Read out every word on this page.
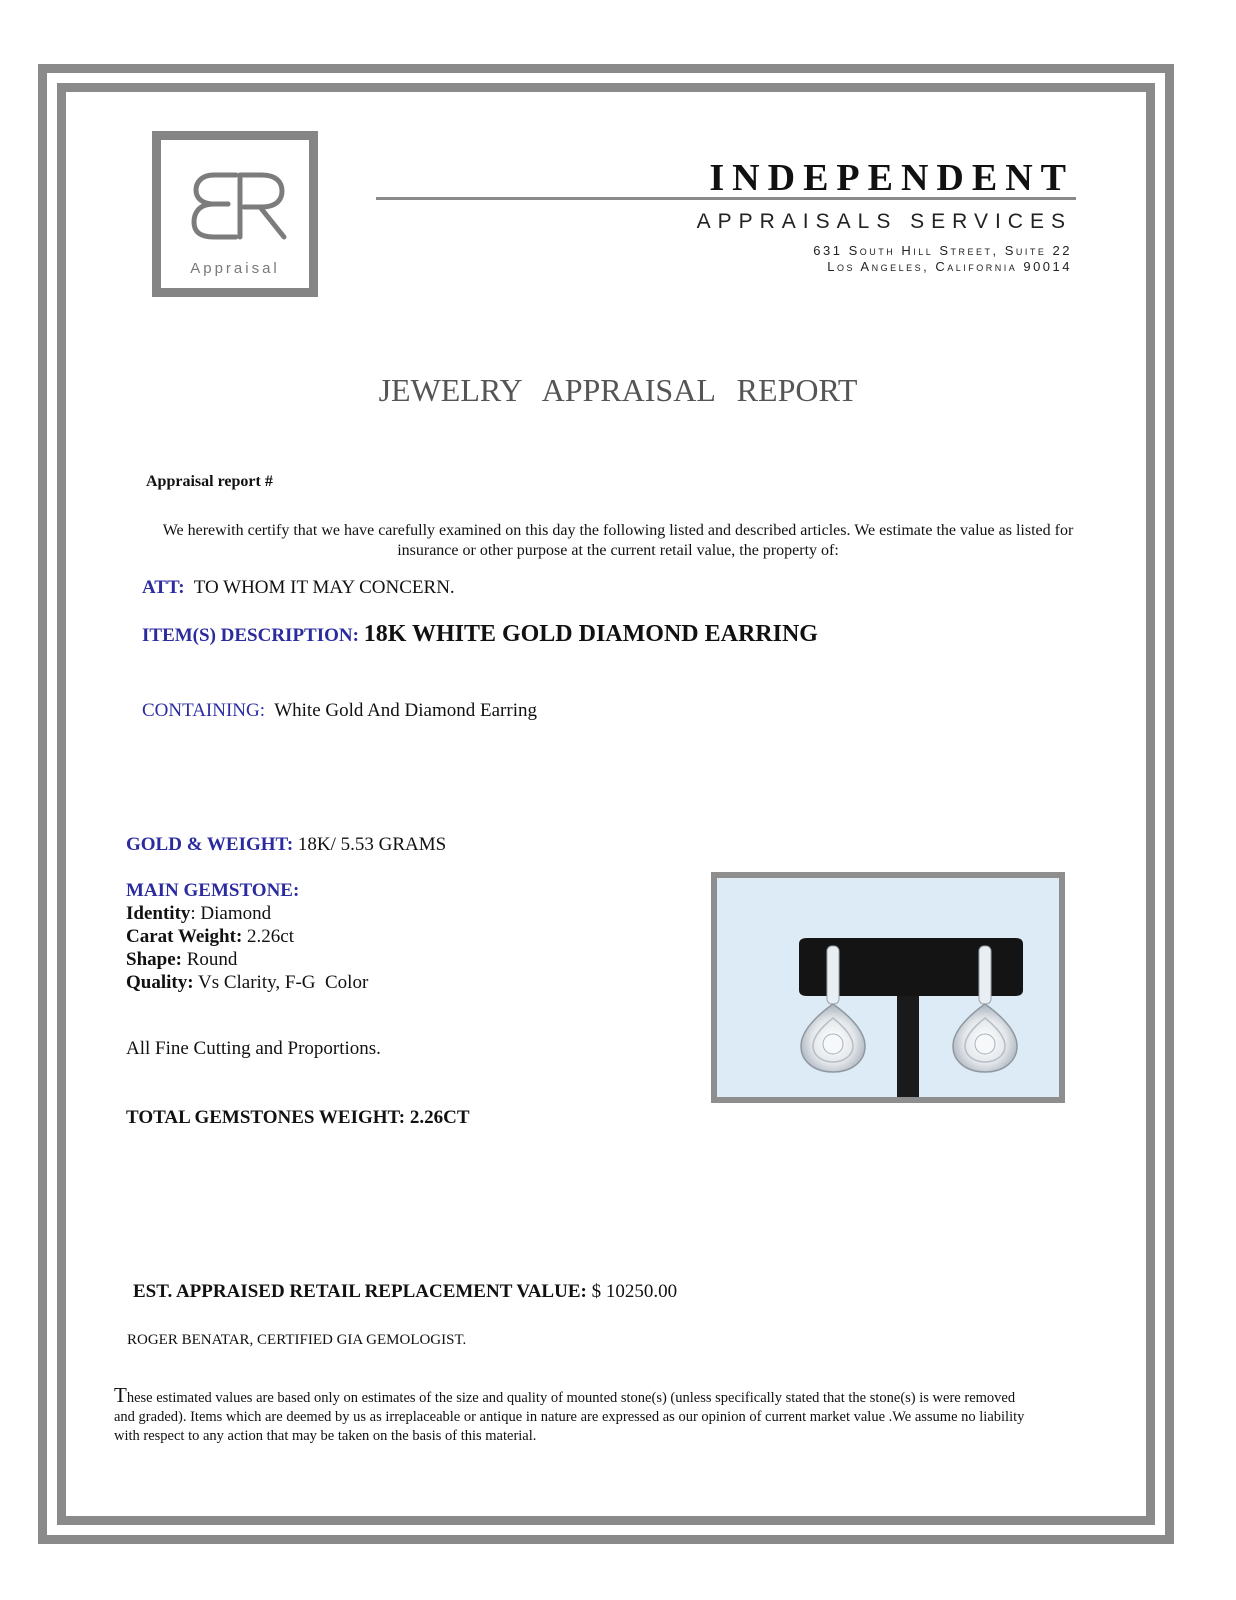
Appraisal
INDEPENDENT
APPRAISALS SERVICES
631 South Hill Street, Suite 22
Los Angeles, California 90014
JEWELRY APPRAISAL REPORT
Appraisal report #
We herewith certify that we have carefully examined on this day the following listed and described articles. We estimate the value as listed for insurance or other purpose at the current retail value, the property of:
ATT: TO WHOM IT MAY CONCERN.
ITEM(S) DESCRIPTION: 18K WHITE GOLD DIAMOND EARRING
CONTAINING: White Gold And Diamond Earring
GOLD & WEIGHT: 18K/ 5.53 GRAMS
MAIN GEMSTONE:
Identity: Diamond
Carat Weight: 2.26ct
Shape: Round
Quality: Vs Clarity, F-G  Color
All Fine Cutting and Proportions.
TOTAL GEMSTONES WEIGHT: 2.26CT
EST. APPRAISED RETAIL REPLACEMENT VALUE: $ 10250.00
ROGER BENATAR, CERTIFIED GIA GEMOLOGIST.
These estimated values are based only on estimates of the size and quality of mounted stone(s) (unless specifically stated that the stone(s) is were removed and graded). Items which are deemed by us as irreplaceable or antique in nature are expressed as our opinion of current market value .We assume no liability with respect to any action that may be taken on the basis of this material.
